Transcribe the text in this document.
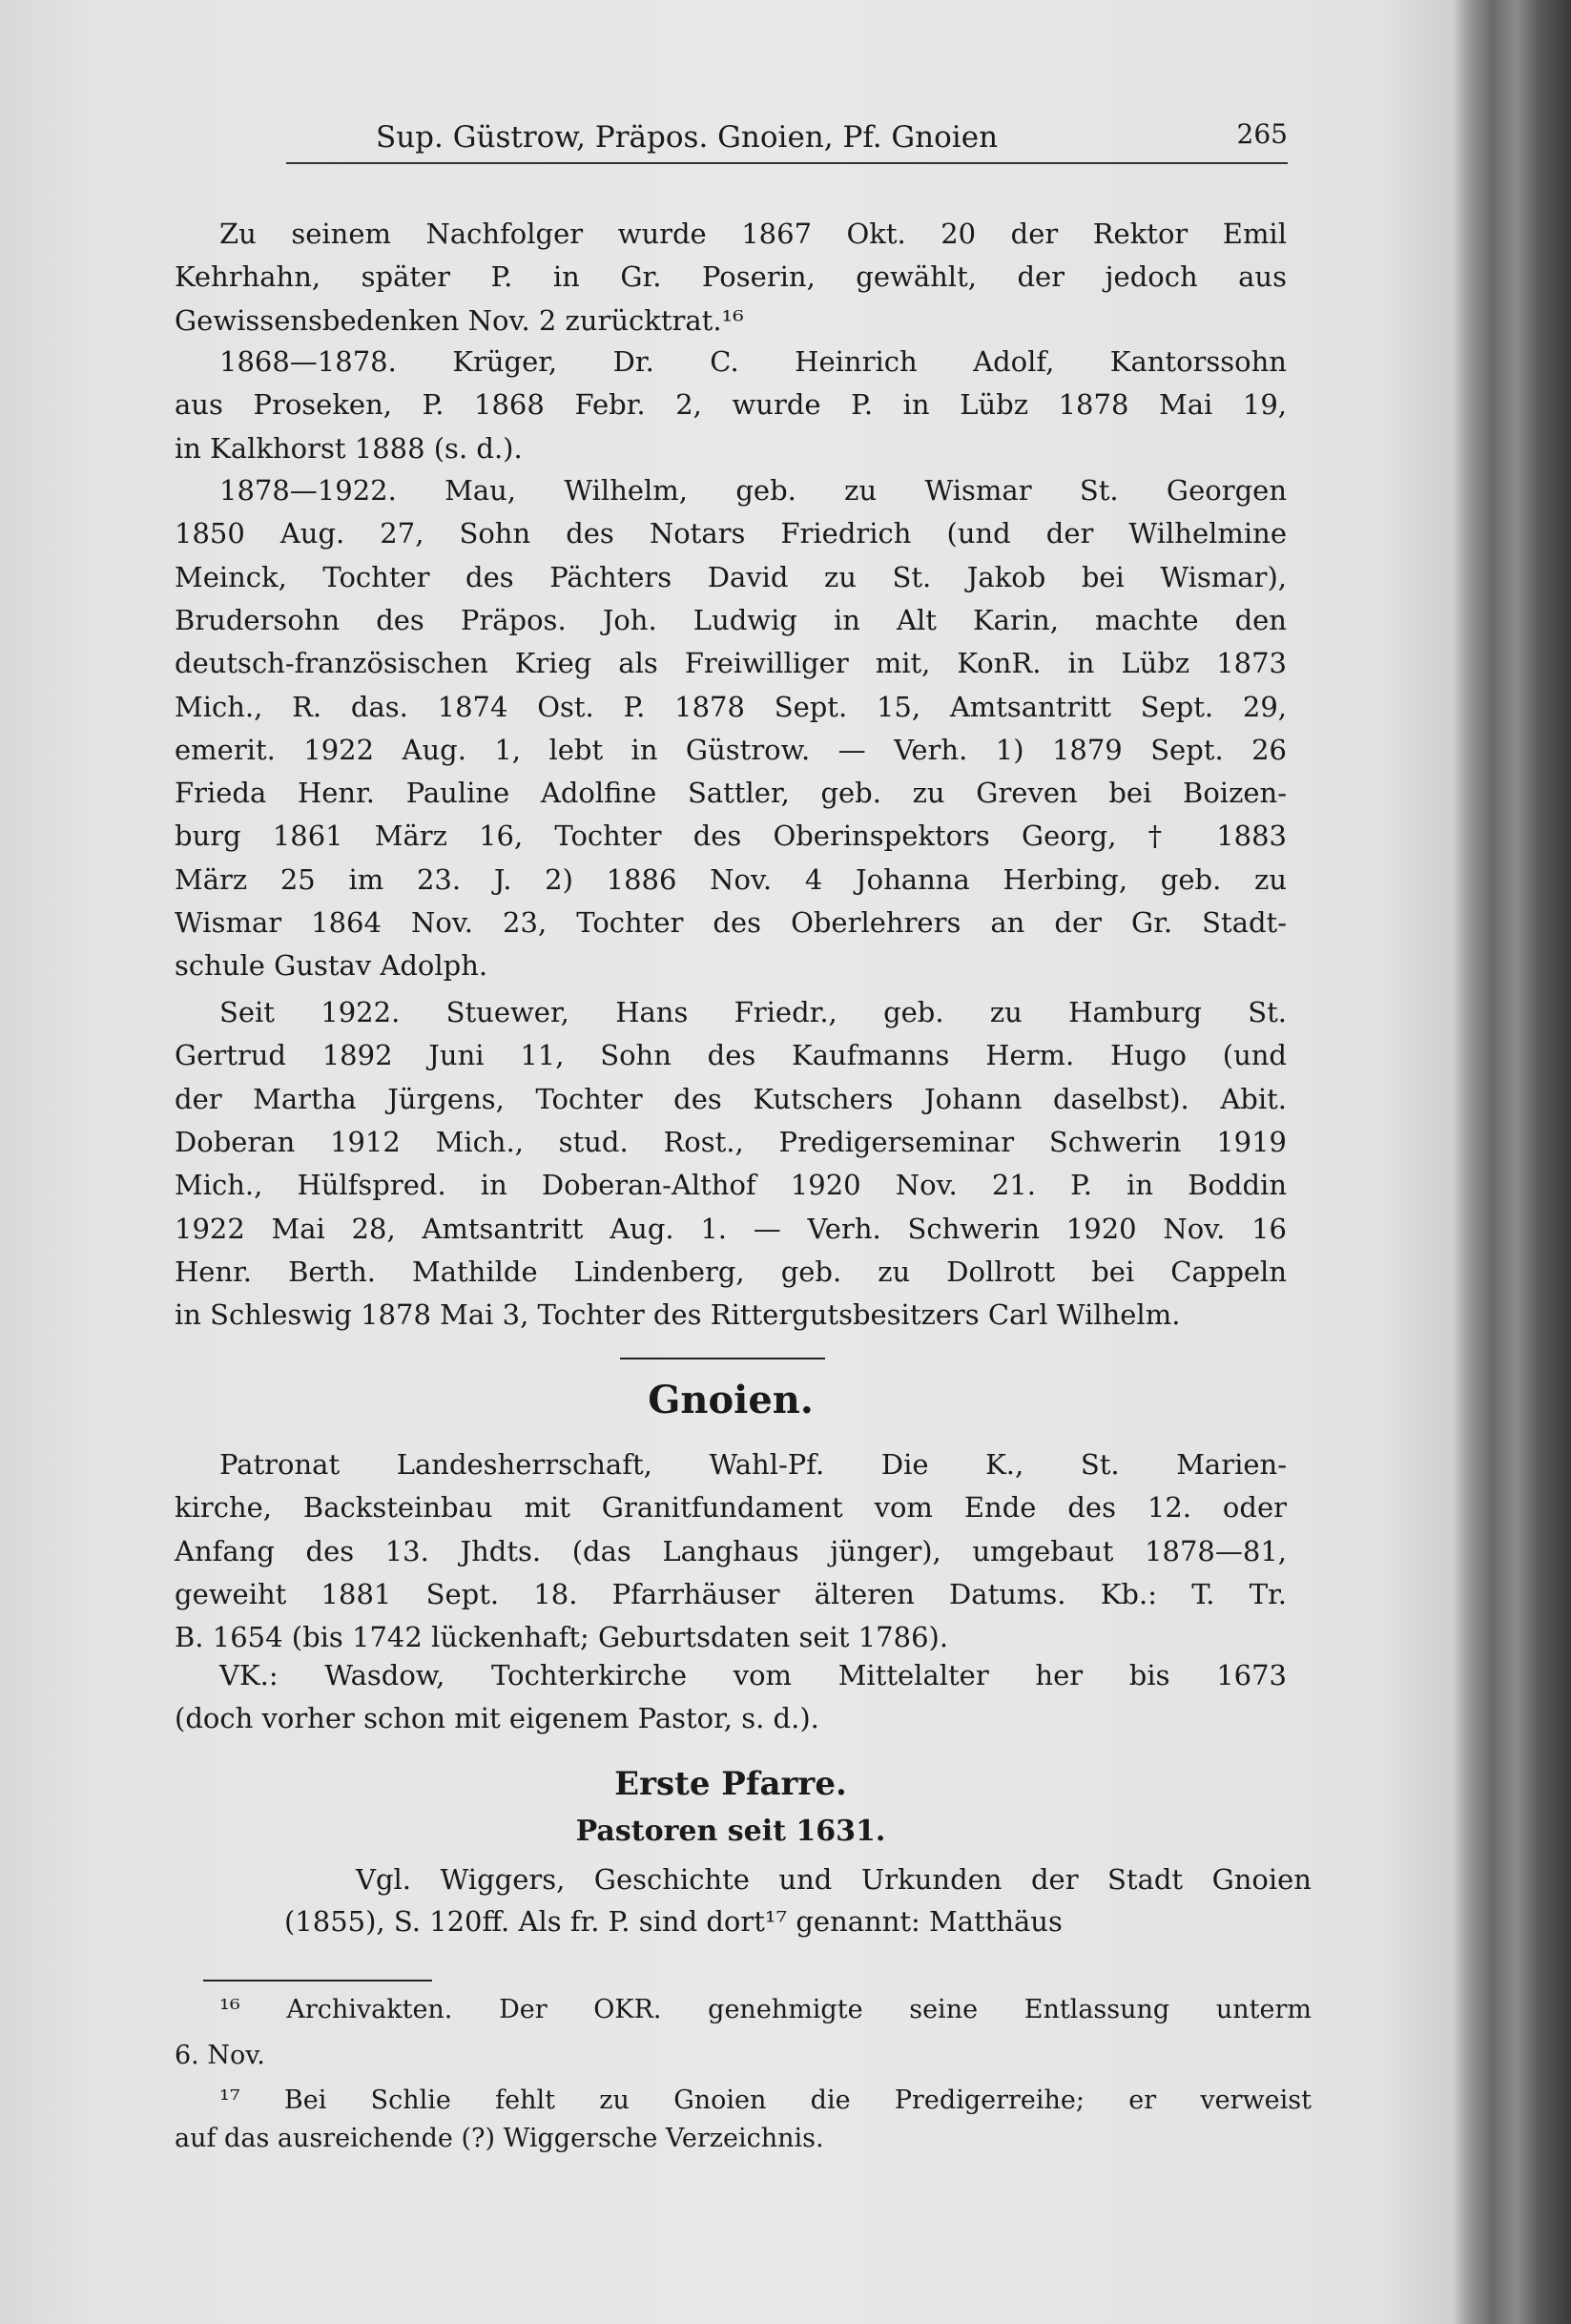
Sup. Güstrow, Präpos. Gnoien, Pf. Gnoien	265
Zu seinem Nachfolger wurde 1867 Okt. 20 der Rektor Emil
Kehrhahn, später P. in Gr. Poserin, gewählt, der jedoch aus
Gewissensbedenken Nov. 2 zurücktrat.¹⁶
1868—1878. Krüger, Dr. C. Heinrich Adolf, Kantorssohn
aus Proseken, P. 1868 Febr. 2, wurde P. in Lübz 1878 Mai 19,
in Kalkhorst 1888 (s. d.).
1878—1922. Mau, Wilhelm, geb. zu Wismar St. Georgen
1850 Aug. 27, Sohn des Notars Friedrich (und der Wilhelmine
Meinck, Tochter des Pächters David zu St. Jakob bei Wismar),
Brudersohn des Präpos. Joh. Ludwig in Alt Karin, machte den
deutsch-französischen Krieg als Freiwilliger mit, KonR. in Lübz 1873
Mich., R. das. 1874 Ost. P. 1878 Sept. 15, Amtsantritt Sept. 29,
emerit. 1922 Aug. 1, lebt in Güstrow. — Verh. 1) 1879 Sept. 26
Frieda Henr. Pauline Adolfine Sattler, geb. zu Greven bei Boizen-
burg 1861 März 16, Tochter des Oberinspektors Georg, † 1883
März 25 im 23. J. 2) 1886 Nov. 4 Johanna Herbing, geb. zu
Wismar 1864 Nov. 23, Tochter des Oberlehrers an der Gr. Stadt-
schule Gustav Adolph.
Seit 1922. Stuewer, Hans Friedr., geb. zu Hamburg St.
Gertrud 1892 Juni 11, Sohn des Kaufmanns Herm. Hugo (und
der Martha Jürgens, Tochter des Kutschers Johann daselbst). Abit.
Doberan 1912 Mich., stud. Rost., Predigerseminar Schwerin 1919
Mich., Hülfspred. in Doberan-Althof 1920 Nov. 21. P. in Boddin
1922 Mai 28, Amtsantritt Aug. 1. — Verh. Schwerin 1920 Nov. 16
Henr. Berth. Mathilde Lindenberg, geb. zu Dollrott bei Cappeln
in Schleswig 1878 Mai 3, Tochter des Rittergutsbesitzers Carl Wilhelm.
Patronat Landesherrschaft, Wahl-Pf. Die K., St. Marien-
kirche, Backsteinbau mit Granitfundament vom Ende des 12. oder
Anfang des 13. Jhdts. (das Langhaus jünger), umgebaut 1878—81,
geweiht 1881 Sept. 18. Pfarrhäuser älteren Datums. Kb.: T. Tr.
B. 1654 (bis 1742 lückenhaft; Geburtsdaten seit 1786).
VK.: Wasdow, Tochterkirche vom Mittelalter her bis 1673
(doch vorher schon mit eigenem Pastor, s. d.).
Vgl. Wiggers, Geschichte und Urkunden der Stadt Gnoien
(1855), S. 120ff. Als fr. P. sind dort¹⁷ genannt: Matthäus
¹⁶ Archivakten. Der OKR. genehmigte seine Entlassung unterm
6. Nov.
¹⁷ Bei Schlie fehlt zu Gnoien die Predigerreihe; er verweist
auf das ausreichende (?) Wiggersche Verzeichnis.
Gnoien.
Erste Pfarre.
Pastoren seit 1631.
